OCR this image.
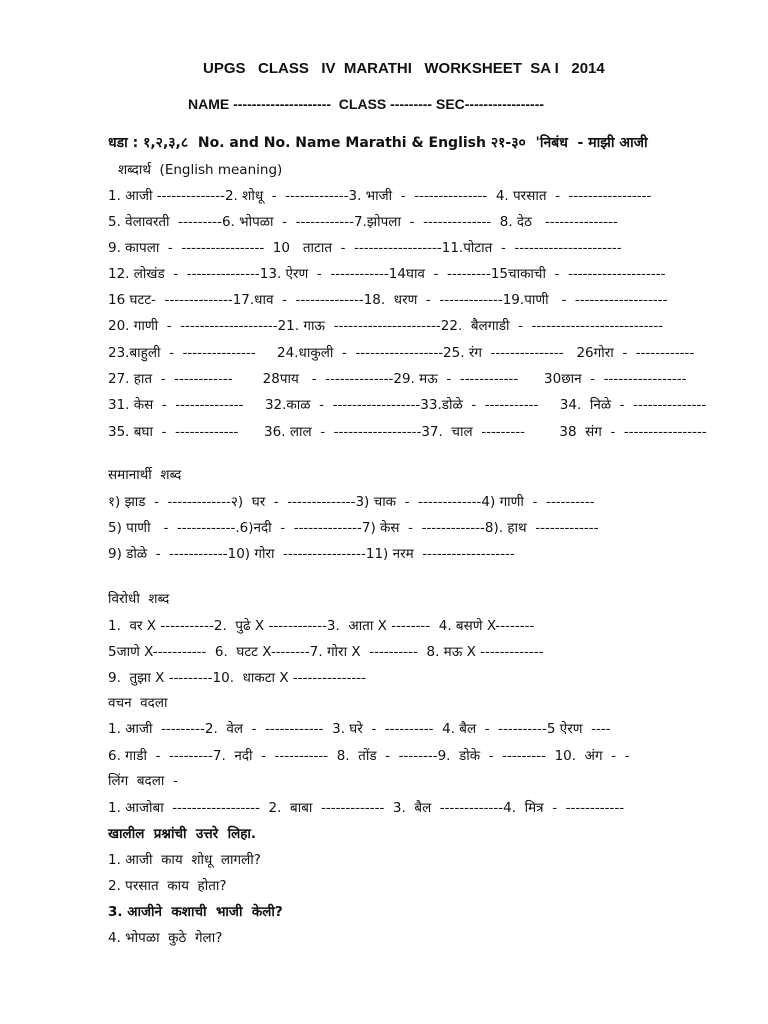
UPGS   CLASS   IV  MARATHI   WORKSHEET  SA I   2014
NAME ---------------------  CLASS --------- SEC-----------------
धडा : १,२,३,८  No. and No. Name Marathi & English २१-३०  'निबंध  - माझी आजी
शब्दार्थ  (English meaning)
1. आजी --------------2. शोधू  -  -------------3. भाजी  -  ---------------  4. परसात  -  -----------------
5. वेलावरती  ---------6. भोपळा  -  ------------7.झोपला  -  --------------  8. देठ   ---------------
9. कापला  -  -----------------  10   ताटात  -  ------------------11.पोटात  -  ----------------------
12. लोखंड  -  ---------------13. ऐरण  -  ------------14घाव  -  ---------15चाकाची  -  --------------------
16 घटट-  --------------17.धाव  -  --------------18.  धरण  -  -------------19.पाणी   -  -------------------
20. गाणी  -  --------------------21. गाऊ  ----------------------22.  बैलगाडी  -  ---------------------------
23.बाहुली  -  ---------------     24.धाकुली  -  ------------------25. रंग  ---------------   26गोरा  -  ------------
27. हात  -  ------------       28पाय   -  --------------29. मऊ  -  ------------      30छान  -  -----------------
31. केस  -  --------------     32.काळ  -  ------------------33.डोळे  -  -----------     34.  निळे  -  ---------------
35. बघा  -  -------------      36. लाल  -  ------------------37.  चाल  ---------        38  संग  -  -----------------
समानार्थी  शब्द
१) झाड  -  -------------२)  घर  -  --------------3) चाक  -  -------------4) गाणी  -  ----------
5) पाणी   -  ------------.6)नदी  -  --------------7) केस  -  -------------8). हाथ  -------------
9) डोळे  -  ------------10) गोरा  -----------------11) नरम  -------------------
विरोधी  शब्द
1.  वर X -----------2.  पुढे X ------------3.  आता X --------  4. बसणे X--------
5जाणे X-----------  6.  घटट X--------7. गोरा X  ----------  8. मऊ X -------------
9.  तुझा X ---------10.  धाकटा X ---------------
वचन  वदला
1. आजी  ---------2.  वेल  -  ------------  3. घरे  -  ----------  4. बैल  -  ----------5 ऐरण  ----
6. गाडी  -  ---------7.  नदी  -  -----------  8.  तोंड  -  --------9.  डोके  -  ---------  10.  अंग  -  -
लिंग  बदला  -
1. आजोबा  ------------------  2.  बाबा  -------------  3.  बैल  -------------4.  मित्र  -  ------------
खालील  प्रश्नांची  उत्तरे  लिहा.
1. आजी  काय  शोधू  लागली?
2. परसात  काय  होता?
3. आजीने  कशाची  भाजी  केली?
4. भोपळा  कुठे  गेला?
